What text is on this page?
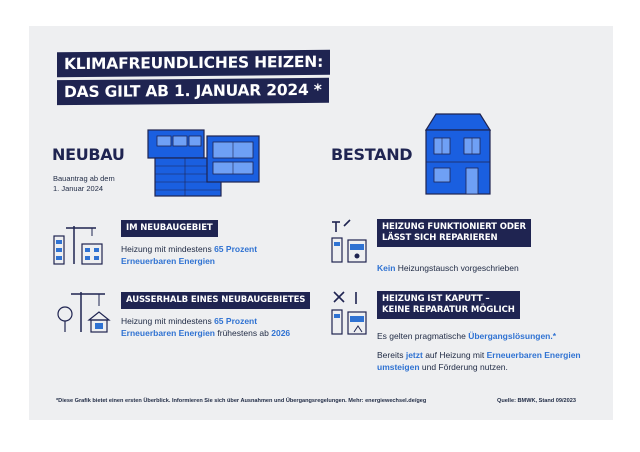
KLIMAFREUNDLICHES HEIZEN:
DAS GILT AB 1. JANUAR 2024 *
NEUBAU
Bauantrag ab dem
1. Januar 2024
BESTAND
IM NEUBAUGEBIET
Heizung mit mindestens 65 Prozent
Erneuerbaren Energien
AUSSERHALB EINES NEUBAUGEBIETES
Heizung mit mindestens 65 Prozent
Erneuerbaren Energien frühestens ab 2026
HEIZUNG FUNKTIONIERT ODER
LÄSST SICH REPARIEREN
Kein Heizungstausch vorgeschrieben
HEIZUNG IST KAPUTT –
KEINE REPARATUR MÖGLICH
Es gelten pragmatische Übergangslösungen.*
Bereits jetzt auf Heizung mit Erneuerbaren Energien
umsteigen und Förderung nutzen.
*Diese Grafik bietet einen ersten Überblick. Informieren Sie sich über Ausnahmen und Übergangsregelungen. Mehr: energiewechsel.de/geg	Quelle: BMWK, Stand 09/2023
